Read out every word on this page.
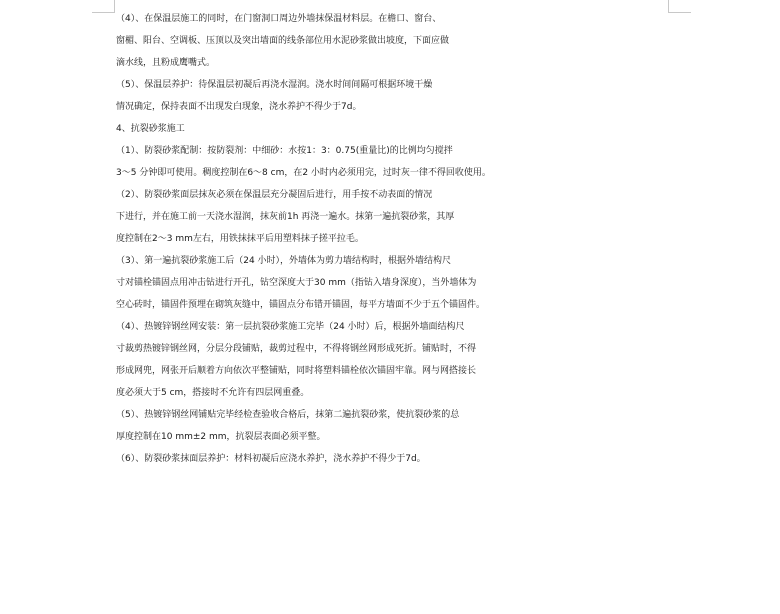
（4）、在保温层施工的同时，在门窗洞口周边外墙抹保温材料层。在檐口、窗台、
窗楣、阳台、空调板、压顶以及突出墙面的线条部位用水泥砂浆做出坡度，下面应做
滴水线，且粉成鹰嘴式。
（5）、保温层养护：待保温层初凝后再浇水湿润。浇水时间间隔可根据环境干燥
情况确定，保持表面不出现发白现象，浇水养护不得少于7d。
4、抗裂砂浆施工
（1）、防裂砂浆配制：按防裂剂：中细砂：水按1：3：0.75(重量比)的比例均匀搅拌
3～5 分钟即可使用。稠度控制在6～8 cm，在2 小时内必须用完，过时灰一律不得回收使用。
（2）、防裂砂浆面层抹灰必须在保温层充分凝固后进行，用手按不动表面的情况
下进行，并在施工前一天浇水湿润，抹灰前1h 再浇一遍水。抹第一遍抗裂砂浆，其厚
度控制在2～3 mm左右，用铁抹抹平后用塑料抹子搓平拉毛。
（3）、第一遍抗裂砂浆施工后（24 小时），外墙体为剪力墙结构时，根据外墙结构尺
寸对锚栓锚固点用冲击钻进行开孔，钻空深度大于30 mm（指钻入墙身深度），当外墙体为
空心砖时，锚固件预埋在砌筑灰缝中，锚固点分布错开锚固，每平方墙面不少于五个锚固件。
（4）、热镀锌钢丝网安装：第一层抗裂砂浆施工完毕（24 小时）后，根据外墙面结构尺
寸裁剪热镀锌钢丝网，分层分段铺贴，裁剪过程中，不得将钢丝网形成死折。铺贴时，不得
形成网兜，网张开后顺着方向依次平整铺贴，同时将塑料锚栓依次锚固牢靠。网与网搭接长
度必须大于5 cm，搭接时不允许有四层网重叠。
（5）、热镀锌钢丝网铺贴完毕经检查验收合格后，抹第二遍抗裂砂浆，使抗裂砂浆的总
厚度控制在10 mm±2 mm，抗裂层表面必须平整。
（6）、防裂砂浆抹面层养护：材料初凝后应浇水养护，浇水养护不得少于7d。
